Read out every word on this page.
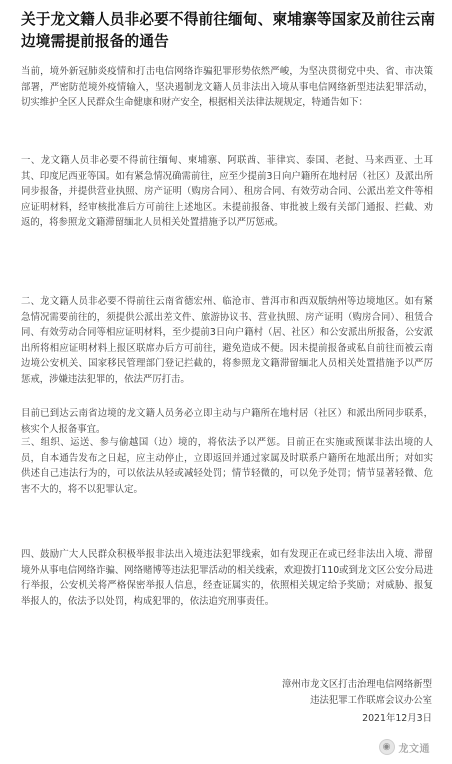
关于龙文籍人员非必要不得前往缅甸、柬埔寨等国家及前往云南边境需提前报备的通告

当前，境外新冠肺炎疫情和打击电信网络诈骗犯罪形势依然严峻，为坚决贯彻党中央、省、市决策部署，严密防范境外疫情输入，坚决遏制龙文籍人员非法出入境从事电信网络新型违法犯罪活动，切实维护全区人民群众生命健康和财产安全，根据相关法律法规规定，特通告如下：

一、龙文籍人员非必要不得前往缅甸、柬埔寨、阿联酋、菲律宾、泰国、老挝、马来西亚、土耳其、印度尼西亚等国。如有紧急情况确需前往，应至少提前3日向户籍所在地村居（社区）及派出所同步报备，并提供营业执照、房产证明（购房合同）、租房合同、有效劳动合同、公派出差文件等相应证明材料，经审核批准后方可前往上述地区。未提前报备、审批被上级有关部门通报、拦截、劝返的，将参照龙文籍滞留缅北人员相关处置措施予以严厉惩戒。

二、龙文籍人员非必要不得前往云南省德宏州、临沧市、普洱市和西双版纳州等边境地区。如有紧急情况需要前往的，须提供公派出差文件、旅游协议书、营业执照、房产证明（购房合同）、租赁合同、有效劳动合同等相应证明材料，至少提前3日向户籍村（居、社区）和公安派出所报备，公安派出所将相应证明材料上报区联席办后方可前往，避免造成不便。因未提前报备或私自前往而被云南边境公安机关、国家移民管理部门登记拦截的，将参照龙文籍滞留缅北人员相关处置措施予以严厉惩戒，涉嫌违法犯罪的，依法严厉打击。

目前已到达云南省边境的龙文籍人员务必立即主动与户籍所在地村居（社区）和派出所同步联系，核实个人报备事宜。

三、组织、运送、参与偷越国（边）境的，将依法予以严惩。目前正在实施或预谋非法出境的人员，自本通告发布之日起，应主动停止，立即返回并通过家属及时联系户籍所在地派出所；对如实供述自己违法行为的，可以依法从轻或减轻处罚；情节轻微的，可以免予处罚；情节显著轻微、危害不大的，将不以犯罪认定。

四、鼓励广大人民群众积极举报非法出入境违法犯罪线索，如有发现正在或已经非法出入境、滞留境外从事电信网络诈骗、网络赌博等违法犯罪活动的相关线索，欢迎拨打110或到龙文区公安分局进行举报，公安机关将严格保密举报人信息，经查证属实的，依照相关规定给予奖励；对威胁、报复举报人的，依法予以处罚，构成犯罪的，依法追究刑事责任。

漳州市龙文区打击治理电信网络新型

违法犯罪工作联席会议办公室

2021年12月3日

◉ 龙文通
